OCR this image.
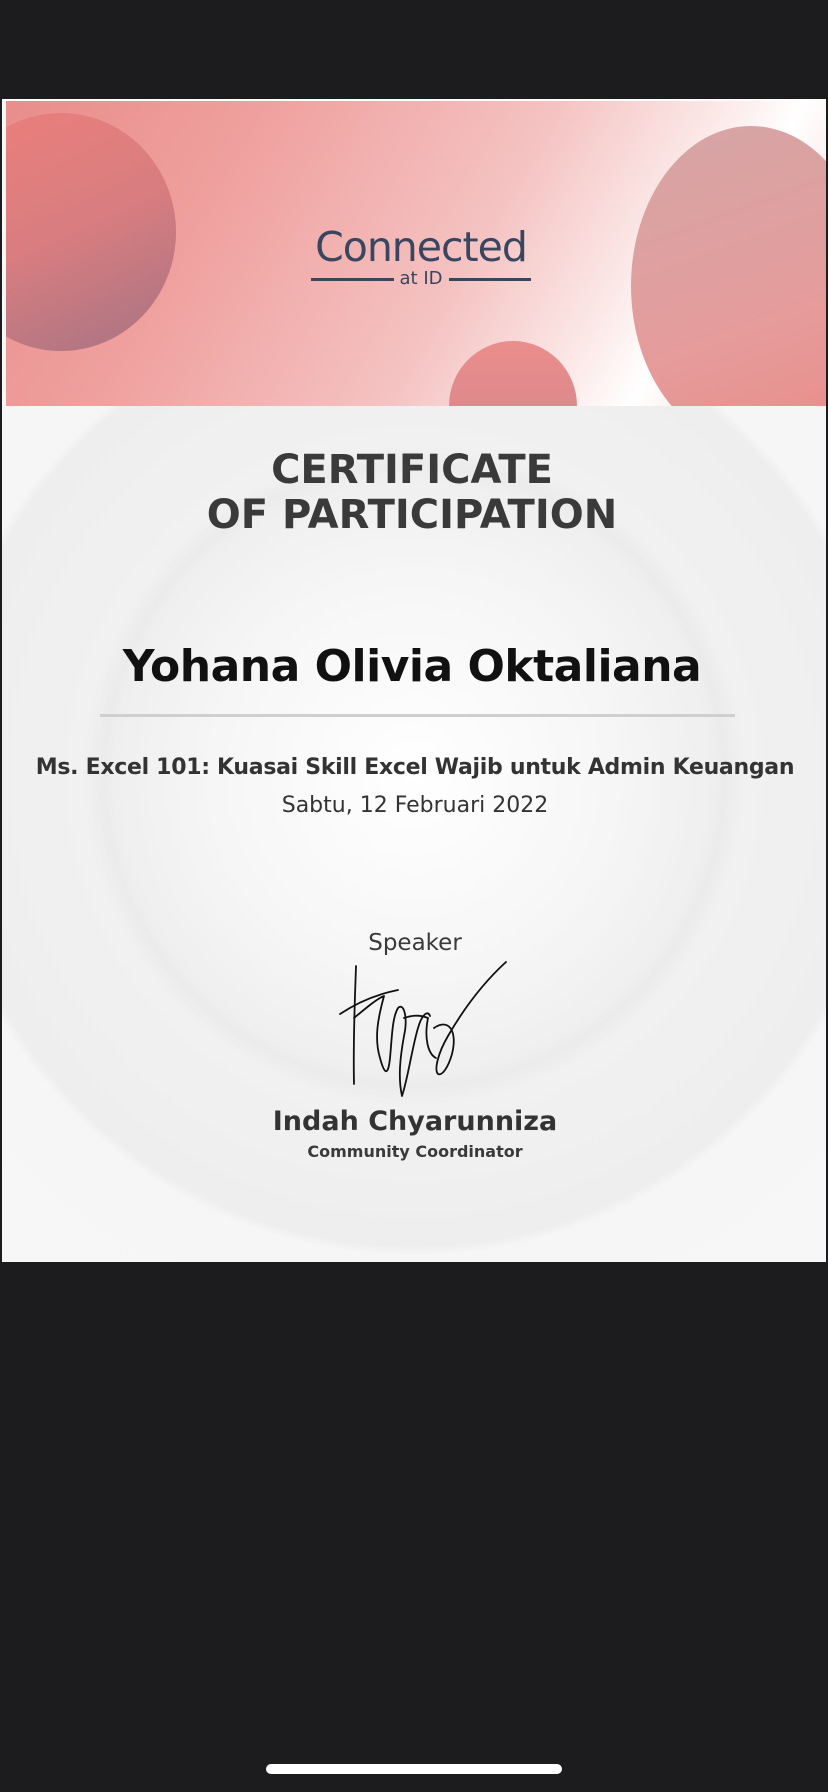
Connected
at ID
CERTIFICATE
OF PARTICIPATION
Yohana Olivia Oktaliana
Ms. Excel 101: Kuasai Skill Excel Wajib untuk Admin Keuangan
Sabtu, 12 Februari 2022
Speaker
Indah Chyarunniza
Community Coordinator
